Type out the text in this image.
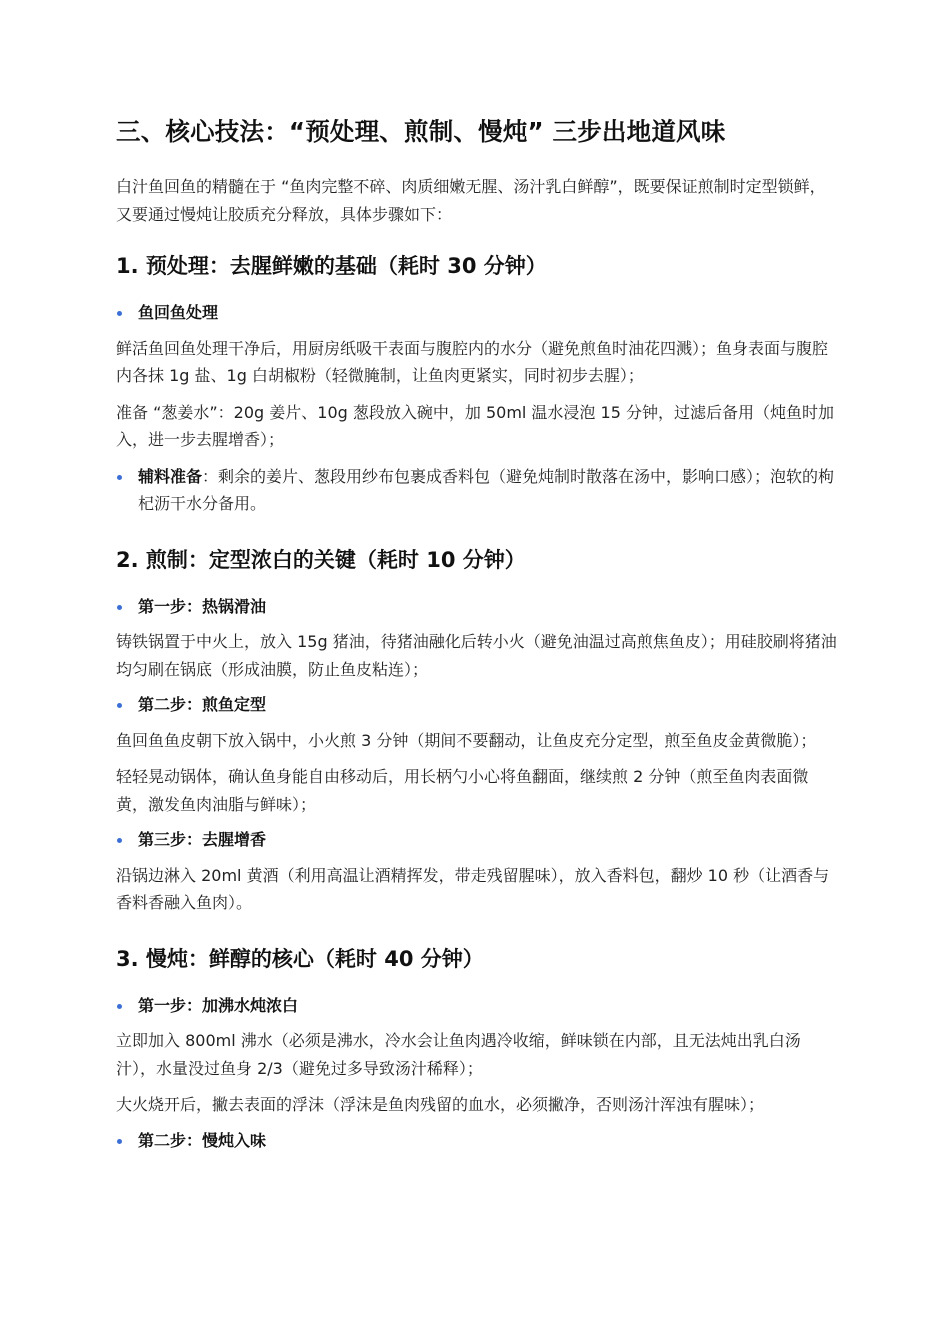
三、核心技法：“预处理、煎制、慢炖” 三步出地道风味

白汁鱼回鱼的精髓在于 “鱼肉完整不碎、肉质细嫩无腥、汤汁乳白鲜醇”，既要保证煎制时定型锁鲜，又要通过慢炖让胶质充分释放，具体步骤如下：

1. 预处理：去腥鲜嫩的基础（耗时 30 分钟）
鱼回鱼处理

鲜活鱼回鱼处理干净后，用厨房纸吸干表面与腹腔内的水分（避免煎鱼时油花四溅）；鱼身表面与腹腔内各抹 1g 盐、1g 白胡椒粉（轻微腌制，让鱼肉更紧实，同时初步去腥）；

准备 “葱姜水”：20g 姜片、10g 葱段放入碗中，加 50ml 温水浸泡 15 分钟，过滤后备用（炖鱼时加入，进一步去腥增香）；

辅料准备：剩余的姜片、葱段用纱布包裹成香料包（避免炖制时散落在汤中，影响口感）；泡软的枸杞沥干水分备用。
2. 煎制：定型浓白的关键（耗时 10 分钟）
第一步：热锅滑油

铸铁锅置于中火上，放入 15g 猪油，待猪油融化后转小火（避免油温过高煎焦鱼皮）；用硅胶刷将猪油均匀刷在锅底（形成油膜，防止鱼皮粘连）；

第二步：煎鱼定型

鱼回鱼鱼皮朝下放入锅中，小火煎 3 分钟（期间不要翻动，让鱼皮充分定型，煎至鱼皮金黄微脆）；

轻轻晃动锅体，确认鱼身能自由移动后，用长柄勺小心将鱼翻面，继续煎 2 分钟（煎至鱼肉表面微黄，激发鱼肉油脂与鲜味）；

第三步：去腥增香

沿锅边淋入 20ml 黄酒（利用高温让酒精挥发，带走残留腥味），放入香料包，翻炒 10 秒（让酒香与香料香融入鱼肉）。

3. 慢炖：鲜醇的核心（耗时 40 分钟）
第一步：加沸水炖浓白

立即加入 800ml 沸水（必须是沸水，冷水会让鱼肉遇冷收缩，鲜味锁在内部，且无法炖出乳白汤汁），水量没过鱼身 2/3（避免过多导致汤汁稀释）；

大火烧开后，撇去表面的浮沫（浮沫是鱼肉残留的血水，必须撇净，否则汤汁浑浊有腥味）；

第二步：慢炖入味
